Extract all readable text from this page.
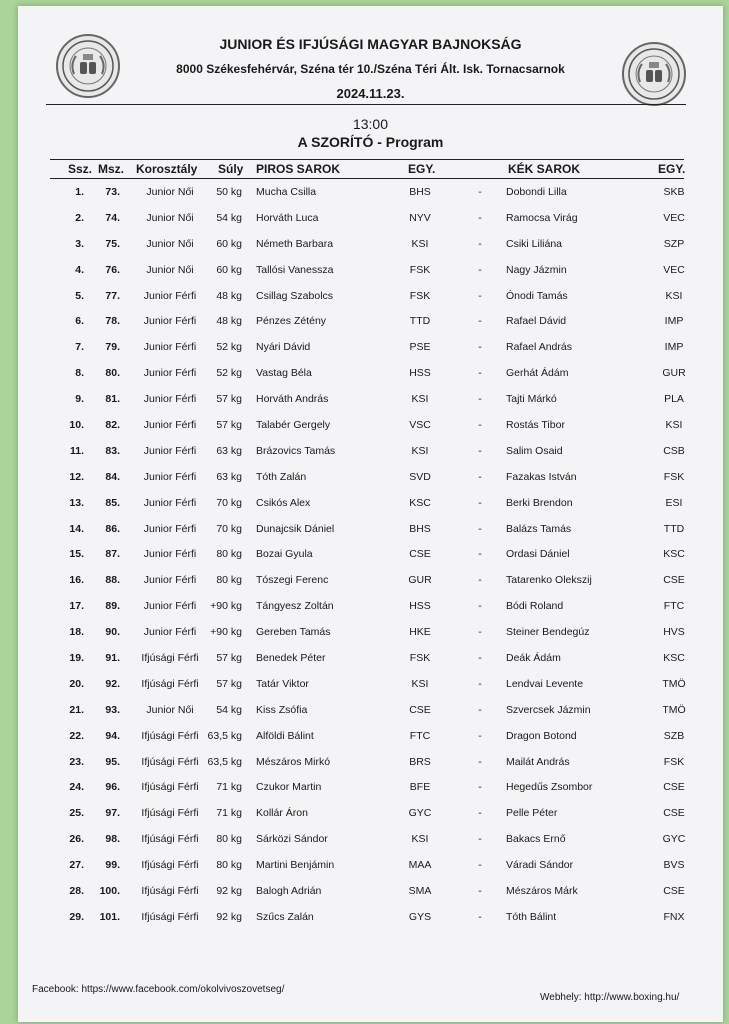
JUNIOR ÉS IFJÚSÁGI MAGYAR BAJNOKSÁG
8000 Székesfehérvár, Széna tér 10./Széna Téri Ált. Isk. Tornacsarnok
2024.11.23.
13:00
A SZORÍTÓ - Program
Ssz. Msz. Korosztály Súly PIROS SAROK	EGY.	KÉK SAROK	EGY.
1.	73.	Junior Női	50 kg Mucha Csilla	BHS	-	Dobondi Lilla	SKB
2.	74.	Junior Női	54 kg Horváth Luca	NYV	-	Ramocsa Virág	VEC
3.	75.	Junior Női	60 kg Németh Barbara	KSI	-	Csiki Liliána	SZP
4.	76.	Junior Női	60 kg Tallósi Vanessza	FSK	-	Nagy Jázmin	VEC
5.	77.	Junior Férfi	48 kg Csillag Szabolcs	FSK	-	Ónodi Tamás	KSI
6.	78.	Junior Férfi	48 kg Pénzes Zétény	TTD	-	Rafael Dávid	IMP
7.	79.	Junior Férfi	52 kg Nyári Dávid	PSE	-	Rafael András	IMP
8.	80.	Junior Férfi	52 kg Vastag Béla	HSS	-	Gerhát Ádám	GUR
9.	81.	Junior Férfi	57 kg Horváth András	KSI	-	Tajti Márkó	PLA
10.	82.	Junior Férfi	57 kg Talabér Gergely	VSC	-	Rostás Tibor	KSI
11.	83.	Junior Férfi	63 kg Brázovics Tamás	KSI	-	Salim Osaid	CSB
12.	84.	Junior Férfi	63 kg Tóth Zalán	SVD	-	Fazakas István	FSK
13.	85.	Junior Férfi	70 kg Csikós Alex	KSC	-	Berki Brendon	ESI
14.	86.	Junior Férfi	70 kg Dunajcsik Dániel	BHS	-	Balázs Tamás	TTD
15.	87.	Junior Férfi	80 kg Bozai Gyula	CSE	-	Ordasi Dániel	KSC
16.	88.	Junior Férfi	80 kg Tószegi Ferenc	GUR	-	Tatarenko Olekszij	CSE
17.	89.	Junior Férfi	+90 kg Tángyesz Zoltán	HSS	-	Bódi Roland	FTC
18.	90.	Junior Férfi	+90 kg Gereben Tamás	HKE	-	Steiner Bendegúz	HVS
19.	91.	Ifjúsági Férfi	57 kg Benedek Péter	FSK	-	Deák Ádám	KSC
20.	92.	Ifjúsági Férfi	57 kg Tatár Viktor	KSI	-	Lendvai Levente	TMÖ
21.	93.	Junior Női	54 kg Kiss Zsófia	CSE	-	Szvercsek Jázmin	TMÖ
22.	94.	Ifjúsági Férfi 63,5 kg Alföldi Bálint	FTC	-	Dragon Botond	SZB
23.	95.	Ifjúsági Férfi 63,5 kg Mészáros Mirkó	BRS	-	Mailát András	FSK
24.	96.	Ifjúsági Férfi	71 kg Czukor Martin	BFE	-	Hegedűs Zsombor	CSE
25.	97.	Ifjúsági Férfi	71 kg Kollár Áron	GYC	-	Pelle Péter	CSE
26.	98.	Ifjúsági Férfi	80 kg Sárközi Sándor	KSI	-	Bakacs Ernő	GYC
27.	99.	Ifjúsági Férfi	80 kg Martini Benjámin	MAA	-	Váradi Sándor	BVS
28.	100.	Ifjúsági Férfi	92 kg Balogh Adrián	SMA	-	Mészáros Márk	CSE
29.	101.	Ifjúsági Férfi	92 kg Szűcs Zalán	GYS	-	Tóth Bálint	FNX
Facebook: https://www.facebook.com/okolvivoszovetseg/
Webhely: http://www.boxing.hu/
